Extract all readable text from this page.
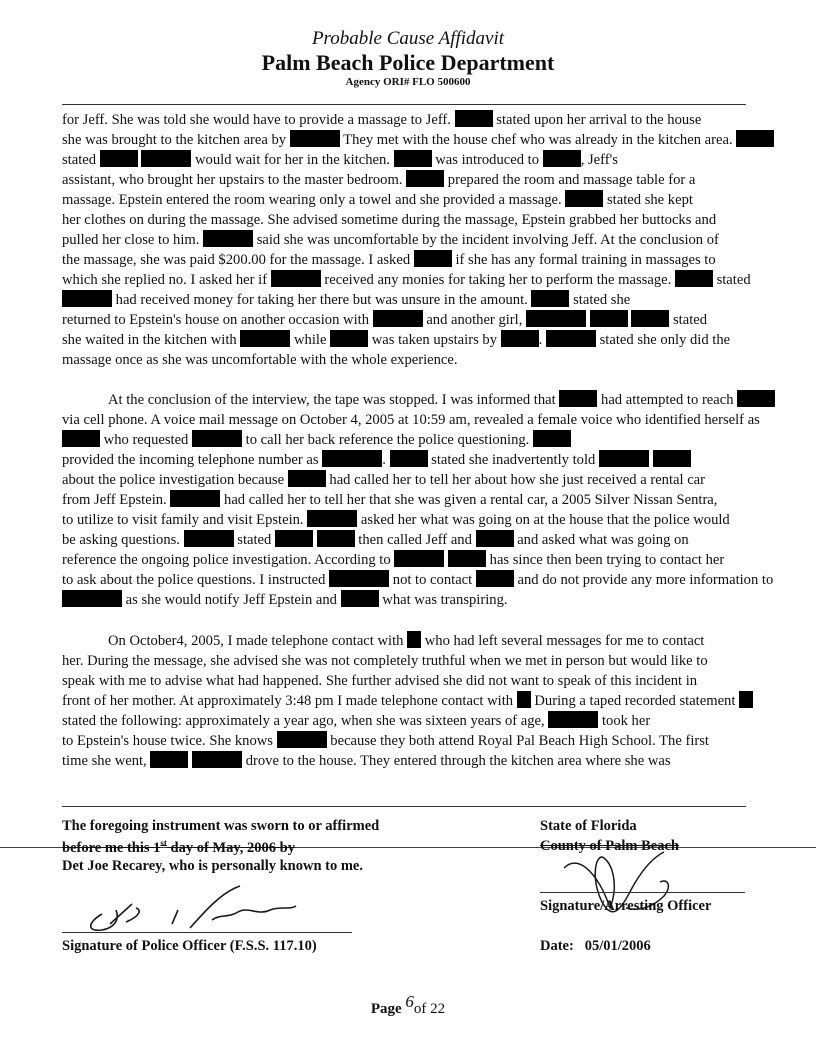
Probable Cause Affidavit
Palm Beach Police Department
Agency ORI# FLO 500600
for Jeff. She was told she would have to provide a massage to Jeff.	stated upon her arrival to the house she was brought to the kitchen area by	They met with the house chef who was already in the kitchen area.  stated	would wait for her in the kitchen.	was introduced to	, Jeff's assistant, who brought her upstairs to the master bedroom.	prepared the room and massage table for a massage. Epstein entered the room wearing only a towel and she provided a massage.	stated she kept her clothes on during the massage. She advised sometime during the massage, Epstein grabbed her buttocks and pulled her close to him.	said she was uncomfortable by the incident involving Jeff. At the conclusion of the massage, she was paid $200.00 for the massage. I asked	if she has any formal training in massages to which she replied no. I asked her if	received any monies for taking her to perform the massage.	stated  had received money for taking her there but was unsure in the amount.	stated she returned to Epstein's house on another occasion with	and another girl,	stated she waited in the kitchen with	while	was taken upstairs by	.	stated she only did the massage once as she was uncomfortable with the whole experience.
At the conclusion of the interview, the tape was stopped. I was informed that	had attempted to reach  via cell phone. A voice mail message on October 4, 2005 at 10:59 am, revealed a female voice who identified herself as  who requested	to call her back reference the police questioning.  provided the incoming telephone number as	.	stated she inadvertently told   about the police investigation because	had called her to tell her about how she just received a rental car from Jeff Epstein.	had called her to tell her that she was given a rental car, a 2005 Silver Nissan Sentra, to utilize to visit family and visit Epstein.	asked her what was going on at the house that the police would be asking questions.	stated	then called Jeff and	and asked what was going on reference the ongoing police investigation. According to	has since then been trying to contact her to ask about the police questions. I instructed	not to contact	and do not provide any more information to  as she would notify Jeff Epstein and	what was transpiring.
On October4, 2005, I made telephone contact with who had left several messages for me to contact her. During the message, she advised she was not completely truthful when we met in person but would like to speak with me to advise what had happened. She further advised she did not want to speak of this incident in front of her mother. At approximately 3:48 pm I made telephone contact with During a taped recorded statement  stated the following: approximately a year ago, when she was sixteen years of age,	took her to Epstein's house twice. She knows	because they both attend Royal Pal Beach High School. The first time she went,	drove to the house. They entered through the kitchen area where she was
The foregoing instrument was sworn to or affirmed
before me this 1st day of May, 2006 by
Det Joe Recarey, who is personally known to me.
Signature of Police Officer (F.S.S. 117.10)
State of Florida
County of Palm Beach
Signature/Arresting Officer
Date: 05/01/2006
Page 6of 22
